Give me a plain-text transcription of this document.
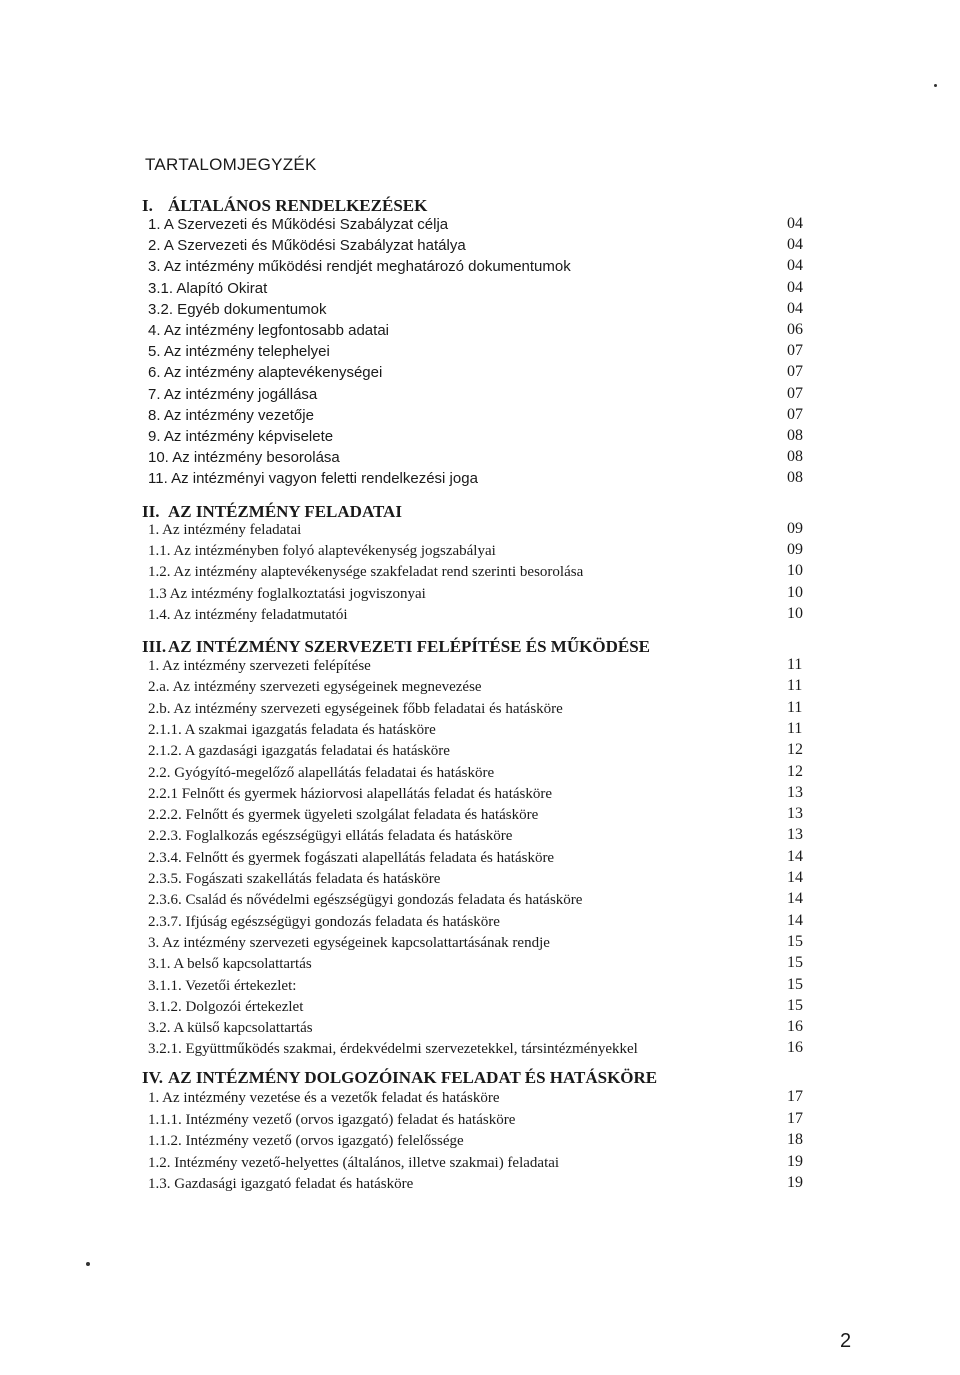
TARTALOMJEGYZÉK
I. ÁLTALÁNOS RENDELKEZÉSEK
1. A Szervezeti és Működési Szabályzat célja	04
2. A Szervezeti és Működési Szabályzat hatálya	04
3. Az intézmény működési rendjét meghatározó dokumentumok	04
3.1. Alapító Okirat	04
3.2. Egyéb dokumentumok	04
4. Az intézmény legfontosabb adatai	06
5. Az intézmény telephelyei	07
6. Az intézmény alaptevékenységei	07
7. Az intézmény jogállása	07
8. Az intézmény vezetője	07
9. Az intézmény képviselete	08
10. Az intézmény besorolása	08
11. Az intézményi vagyon feletti rendelkezési joga	08
II. AZ INTÉZMÉNY FELADATAI
1. Az intézmény feladatai	09
1.1. Az intézményben folyó alaptevékenység jogszabályai	09
1.2. Az intézmény alaptevékenysége szakfeladat rend szerinti besorolása	10
1.3 Az intézmény foglalkoztatási jogviszonyai	10
1.4. Az intézmény feladatmutatói	10
III. AZ INTÉZMÉNY SZERVEZETI FELÉPÍTÉSE ÉS MŰKÖDÉSE
1. Az intézmény szervezeti felépítése	11
2.a. Az intézmény szervezeti egységeinek megnevezése	11
2.b. Az intézmény szervezeti egységeinek főbb feladatai és hatásköre	11
2.1.1. A szakmai igazgatás feladata és hatásköre	11
2.1.2. A gazdasági igazgatás feladatai és hatásköre	12
2.2. Gyógyító-megelőző alapellátás feladatai és hatásköre	12
2.2.1 Felnőtt és gyermek háziorvosi alapellátás feladat és hatásköre	13
2.2.2. Felnőtt és gyermek ügyeleti szolgálat feladata és hatásköre	13
2.2.3. Foglalkozás egészségügyi ellátás feladata és hatásköre	13
2.3.4. Felnőtt és gyermek fogászati alapellátás feladata és hatásköre	14
2.3.5. Fogászati szakellátás feladata és hatásköre	14
2.3.6. Család és nővédelmi egészségügyi gondozás feladata és hatásköre	14
2.3.7. Ifjúság egészségügyi gondozás feladata és hatásköre	14
3. Az intézmény szervezeti egységeinek kapcsolattartásának rendje	15
3.1. A belső kapcsolattartás	15
3.1.1. Vezetői értekezlet:	15
3.1.2. Dolgozói értekezlet	15
3.2. A külső kapcsolattartás	16
3.2.1. Együttműködés szakmai, érdekvédelmi szervezetekkel, társintézményekkel	16
IV. AZ INTÉZMÉNY DOLGOZÓINAK FELADAT ÉS HATÁSKÖRE
1. Az intézmény vezetése és a vezetők feladat és hatásköre	17
1.1.1. Intézmény vezető (orvos igazgató) feladat és hatásköre	17
1.1.2. Intézmény vezető (orvos igazgató) felelőssége	18
1.2. Intézmény vezető-helyettes (általános, illetve szakmai) feladatai	19
1.3. Gazdasági igazgató feladat és hatásköre	19
2
